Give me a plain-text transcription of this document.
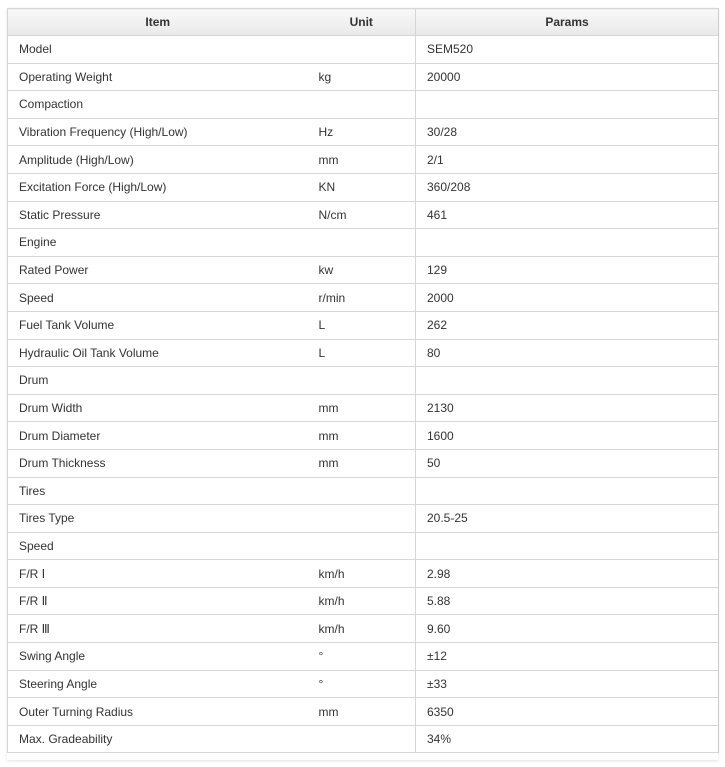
Item	Unit	Params
Model		SEM520
Operating Weight	kg	20000
Compaction		
Vibration Frequency (High/Low)	Hz	30/28
Amplitude (High/Low)	mm	2/1
Excitation Force (High/Low)	KN	360/208
Static Pressure	N/cm	461
Engine		
Rated Power	kw	129
Speed	r/min	2000
Fuel Tank Volume	L	262
Hydraulic Oil Tank Volume	L	80
Drum		
Drum Width	mm	2130
Drum Diameter	mm	1600
Drum Thickness	mm	50
Tires		
Tires Type		20.5-25
Speed		
F/R Ⅰ	km/h	2.98
F/R Ⅱ	km/h	5.88
F/R Ⅲ	km/h	9.60
Swing Angle	°	±12
Steering Angle	°	±33
Outer Turning Radius	mm	6350
Max. Gradeability		34%
